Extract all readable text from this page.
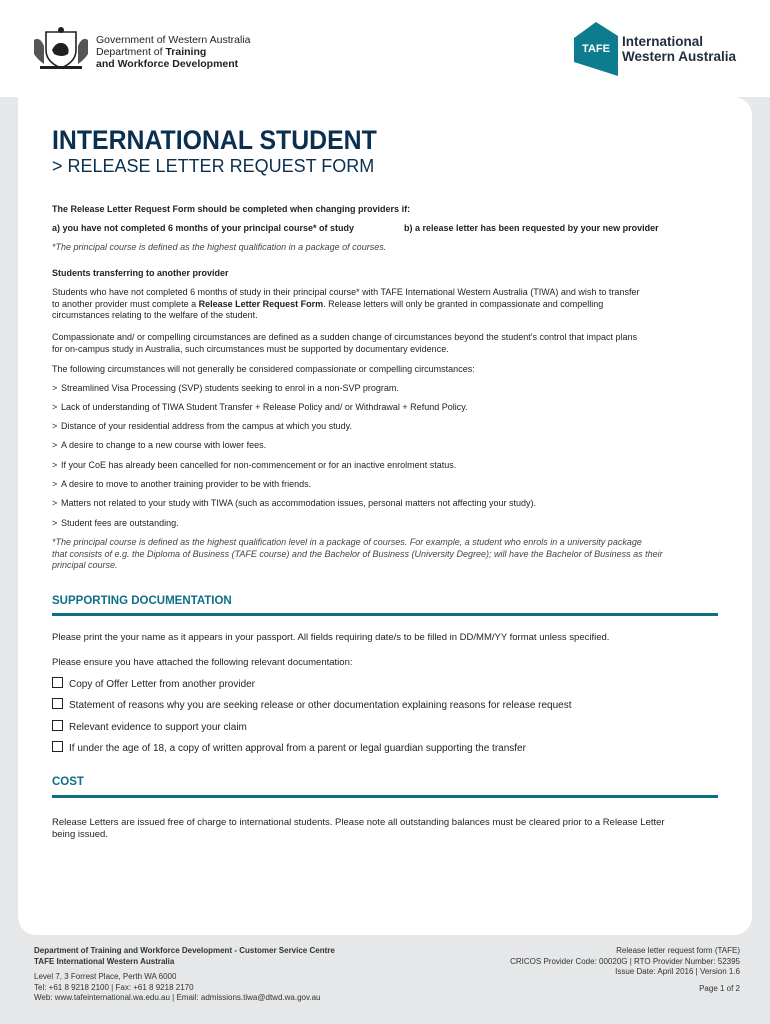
Government of Western Australia
Department of Training
and Workforce Development
TAFE International
Western Australia
INTERNATIONAL STUDENT
> RELEASE LETTER REQUEST FORM
The Release Letter Request Form should be completed when changing providers if:
a) you have not completed 6 months of your principal course* of study	b) a release letter has been requested by your new provider
*The principal course is defined as the highest qualification in a package of courses.
Students transferring to another provider
Students who have not completed 6 months of study in their principal course* with TAFE International Western Australia (TIWA) and wish to transfer
to another provider must complete a Release Letter Request Form. Release letters will only be granted in compassionate and compelling
circumstances relating to the welfare of the student.
Compassionate and/ or compelling circumstances are defined as a sudden change of circumstances beyond the student's control that impact plans
for on-campus study in Australia, such circumstances must be supported by documentary evidence.
The following circumstances will not generally be considered compassionate or compelling circumstances:
> Streamlined Visa Processing (SVP) students seeking to enrol in a non-SVP program.
> Lack of understanding of TIWA Student Transfer + Release Policy and/ or Withdrawal + Refund Policy.
> Distance of your residential address from the campus at which you study.
> A desire to change to a new course with lower fees.
> If your CoE has already been cancelled for non-commencement or for an inactive enrolment status.
> A desire to move to another training provider to be with friends.
> Matters not related to your study with TIWA (such as accommodation issues, personal matters not affecting your study).
> Student fees are outstanding.
*The principal course is defined as the highest qualification level in a package of courses. For example, a student who enrols in a university package
that consists of e.g. the Diploma of Business (TAFE course) and the Bachelor of Business (University Degree); will have the Bachelor of Business as their
principal course.
SUPPORTING DOCUMENTATION
Please print the your name as it appears in your passport. All fields requiring date/s to be filled in DD/MM/YY format unless specified.
Please ensure you have attached the following relevant documentation:
Copy of Offer Letter from another provider
Statement of reasons why you are seeking release or other documentation explaining reasons for release request
Relevant evidence to support your claim
If under the age of 18, a copy of written approval from a parent or legal guardian supporting the transfer
COST
Release Letters are issued free of charge to international students. Please note all outstanding balances must be cleared prior to a Release Letter
being issued.
Department of Training and Workforce Development - Customer Service Centre
TAFE International Western Australia
Level 7, 3 Forrest Place, Perth WA 6000
Tel: +61 8 9218 2100 | Fax: +61 8 9218 2170
Web: www.tafeinternational.wa.edu.au | Email: admissions.tiwa@dtwd.wa.gov.au
Release letter request form (TAFE)
CRICOS Provider Code: 00020G | RTO Provider Number: 52395
Issue Date: April 2016 | Version 1.6
Page 1 of 2
